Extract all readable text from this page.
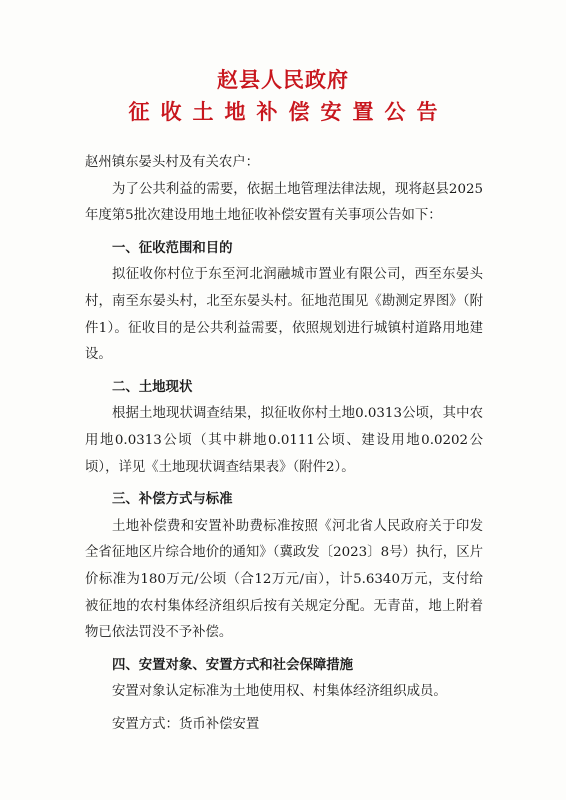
赵县人民政府
征收土地补偿安置公告

赵州镇东晏头村及有关农户：

为了公共利益的需要，依据土地管理法律法规，现将赵县2025年度第5批次建设用地土地征收补偿安置有关事项公告如下：

一、征收范围和目的

拟征收你村位于东至河北润融城市置业有限公司，西至东晏头村，南至东晏头村，北至东晏头村。征地范围见《勘测定界图》（附件1）。征收目的是公共利益需要，依照规划进行城镇村道路用地建设。

二、土地现状

根据土地现状调查结果，拟征收你村土地0.0313公顷，其中农用地0.0313公顷（其中耕地0.0111公顷、建设用地0.0202公顷），详见《土地现状调查结果表》（附件2）。

三、补偿方式与标准

土地补偿费和安置补助费标准按照《河北省人民政府关于印发全省征地区片综合地价的通知》（冀政发〔2023〕8号）执行，区片价标准为180万元/公顷（合12万元/亩），计5.6340万元，支付给被征地的农村集体经济组织后按有关规定分配。无青苗，地上附着物已依法罚没不予补偿。

四、安置对象、安置方式和社会保障措施

安置对象认定标准为土地使用权、村集体经济组织成员。

安置方式：货币补偿安置
